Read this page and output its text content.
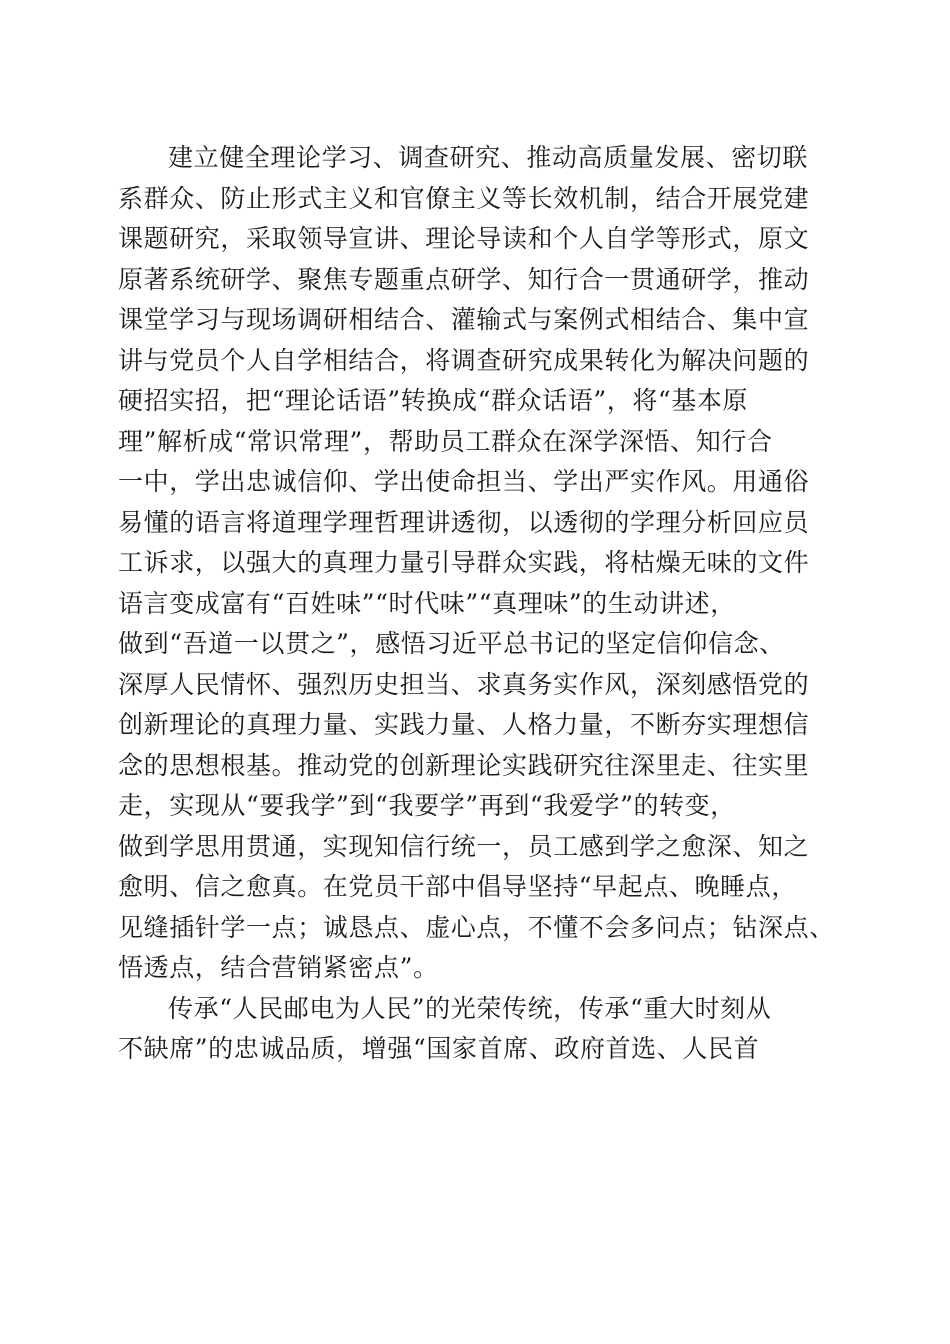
建立健全理论学习、调查研究、推动高质量发展、密切联
系群众、防止形式主义和官僚主义等长效机制，结合开展党建
课题研究，采取领导宣讲、理论导读和个人自学等形式，原文
原著系统研学、聚焦专题重点研学、知行合一贯通研学，推动
课堂学习与现场调研相结合、灌输式与案例式相结合、集中宣
讲与党员个人自学相结合，将调查研究成果转化为解决问题的
硬招实招，把“理论话语”转换成“群众话语”，将“基本原
理”解析成“常识常理”，帮助员工群众在深学深悟、知行合
一中，学出忠诚信仰、学出使命担当、学出严实作风。用通俗
易懂的语言将道理学理哲理讲透彻，以透彻的学理分析回应员
工诉求，以强大的真理力量引导群众实践，将枯燥无味的文件
语言变成富有“百姓味”“时代味”“真理味”的生动讲述，
做到“吾道一以贯之”，感悟习近平总书记的坚定信仰信念、
深厚人民情怀、强烈历史担当、求真务实作风，深刻感悟党的
创新理论的真理力量、实践力量、人格力量，不断夯实理想信
念的思想根基。推动党的创新理论实践研究往深里走、往实里
走，实现从“要我学”到“我要学”再到“我爱学”的转变，
做到学思用贯通，实现知信行统一，员工感到学之愈深、知之
愈明、信之愈真。在党员干部中倡导坚持“早起点、晚睡点，
见缝插针学一点；诚恳点、虚心点，不懂不会多问点；钻深点、
悟透点，结合营销紧密点”。
传承“人民邮电为人民”的光荣传统，传承“重大时刻从
不缺席”的忠诚品质，增强“国家首席、政府首选、人民首
